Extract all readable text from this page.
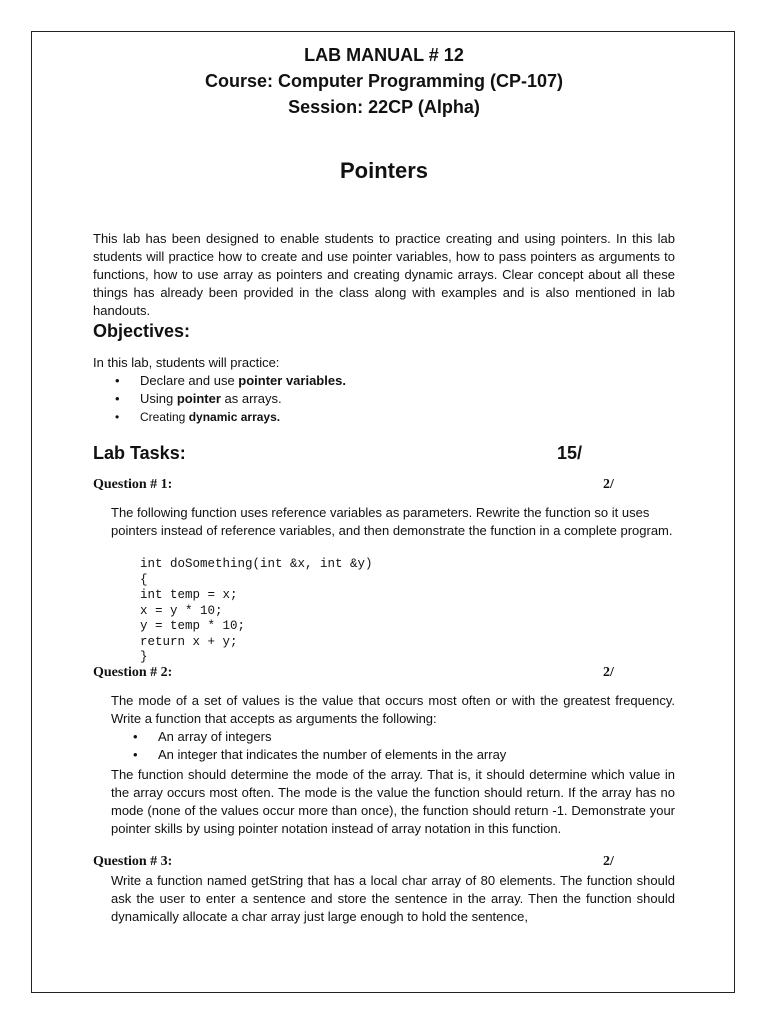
LAB MANUAL # 12
Course: Computer Programming (CP-107)
Session: 22CP (Alpha)
Pointers

This lab has been designed to enable students to practice creating and using pointers. In this lab students will practice how to create and use pointer variables, how to pass pointers as arguments to functions, how to use array as pointers and creating dynamic arrays. Clear concept about all these things has already been provided in the class along with examples and is also mentioned in lab handouts.

Objectives:
In this lab, students will practice:
• Declare and use pointer variables.
• Using pointer as arrays.
• Creating dynamic arrays.
Lab Tasks:	15/
Question # 1:	2/
The following function uses reference variables as parameters. Rewrite the function so it uses pointers instead of reference variables, and then demonstrate the function in a complete program.
int doSomething(int &x, int &y)
{
int temp = x;
x = y * 10;
y = temp * 10;
return x + y;
}
Question # 2:	2/
The mode of a set of values is the value that occurs most often or with the greatest frequency. Write a function that accepts as arguments the following:
• An array of integers
• An integer that indicates the number of elements in the array
The function should determine the mode of the array. That is, it should determine which value in the array occurs most often. The mode is the value the function should return. If the array has no mode (none of the values occur more than once), the function should return -1. Demonstrate your pointer skills by using pointer notation instead of array notation in this function.
Question # 3:	2/
Write a function named getString that has a local char array of 80 elements. The function should ask the user to enter a sentence and store the sentence in the array. Then the function should dynamically allocate a char array just large enough to hold the sentence,
